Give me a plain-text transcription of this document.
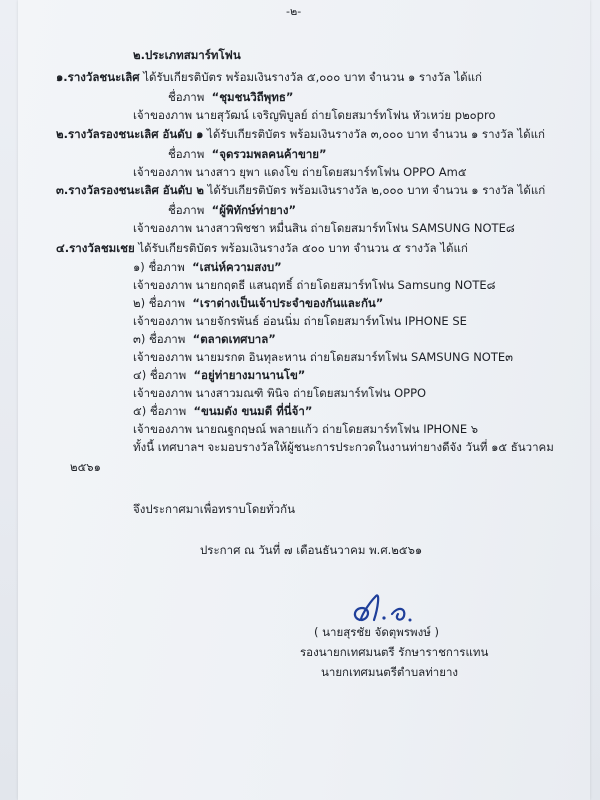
-๒-
๒.ประเภทสมาร์ทโฟน
๑.รางวัลชนะเลิศ ได้รับเกียรติบัตร พร้อมเงินรางวัล ๕,๐๐๐ บาท จำนวน ๑ รางวัล ได้แก่
ชื่อภาพ “ชุมชนวิถีพุทธ”
เจ้าของภาพ นายสุวัฒน์ เจริญพิบูลย์ ถ่ายโดยสมาร์ทโฟน หัวเหว่ย p๒๐pro
๒.รางวัลรองชนะเลิศ อันดับ ๑ ได้รับเกียรติบัตร พร้อมเงินรางวัล ๓,๐๐๐ บาท จำนวน ๑ รางวัล ได้แก่
ชื่อภาพ “จุดรวมพลคนค้าขาย”
เจ้าของภาพ นางสาว ยุพา แดงโข ถ่ายโดยสมาร์ทโฟน OPPO Am๕
๓.รางวัลรองชนะเลิศ อันดับ ๒ ได้รับเกียรติบัตร พร้อมเงินรางวัล ๒,๐๐๐ บาท จำนวน ๑ รางวัล ได้แก่
ชื่อภาพ “ผู้พิทักษ์ท่ายาง”
เจ้าของภาพ นางสาวพิชชา หมื่นสิน ถ่ายโดยสมาร์ทโฟน SAMSUNG NOTE๘
๔.รางวัลชมเชย ได้รับเกียรติบัตร พร้อมเงินรางวัล ๕๐๐ บาท จำนวน ๕ รางวัล ได้แก่
๑) ชื่อภาพ “เสน่ห์ความสงบ”
เจ้าของภาพ นายกฤตธี แสนฤทธิ์ ถ่ายโดยสมาร์ทโฟน Samsung NOTE๘
๒) ชื่อภาพ “เราต่างเป็นเจ้าประจำของกันและกัน”
เจ้าของภาพ นายจักรพันธ์ อ่อนนิ่ม ถ่ายโดยสมาร์ทโฟน IPHONE SE
๓) ชื่อภาพ “ตลาดเทศบาล”
เจ้าของภาพ นายมรกต อินทุละหาน ถ่ายโดยสมาร์ทโฟน SAMSUNG NOTE๓
๔) ชื่อภาพ “อยู่ท่ายางมานานโข”
เจ้าของภาพ นางสาวมณฑิ พินิจ ถ่ายโดยสมาร์ทโฟน OPPO
๕) ชื่อภาพ “ขนมดัง ขนมดี ที่นี่จ้า”
เจ้าของภาพ นายณฐกฤษณ์ พลายแก้ว ถ่ายโดยสมาร์ทโฟน IPHONE ๖
ทั้งนี้ เทศบาลฯ จะมอบรางวัลให้ผู้ชนะการประกวดในงานท่ายางดีจัง วันที่ ๑๕ ธันวาคม
๒๕๖๑
จึงประกาศมาเพื่อทราบโดยทั่วกัน
ประกาศ ณ วันที่ ๗ เดือนธันวาคม พ.ศ.๒๕๖๑
( นายสุรชัย จัดตุพรพงษ์ )
รองนายกเทศมนตรี รักษาราชการแทน
นายกเทศมนตรีตำบลท่ายาง
